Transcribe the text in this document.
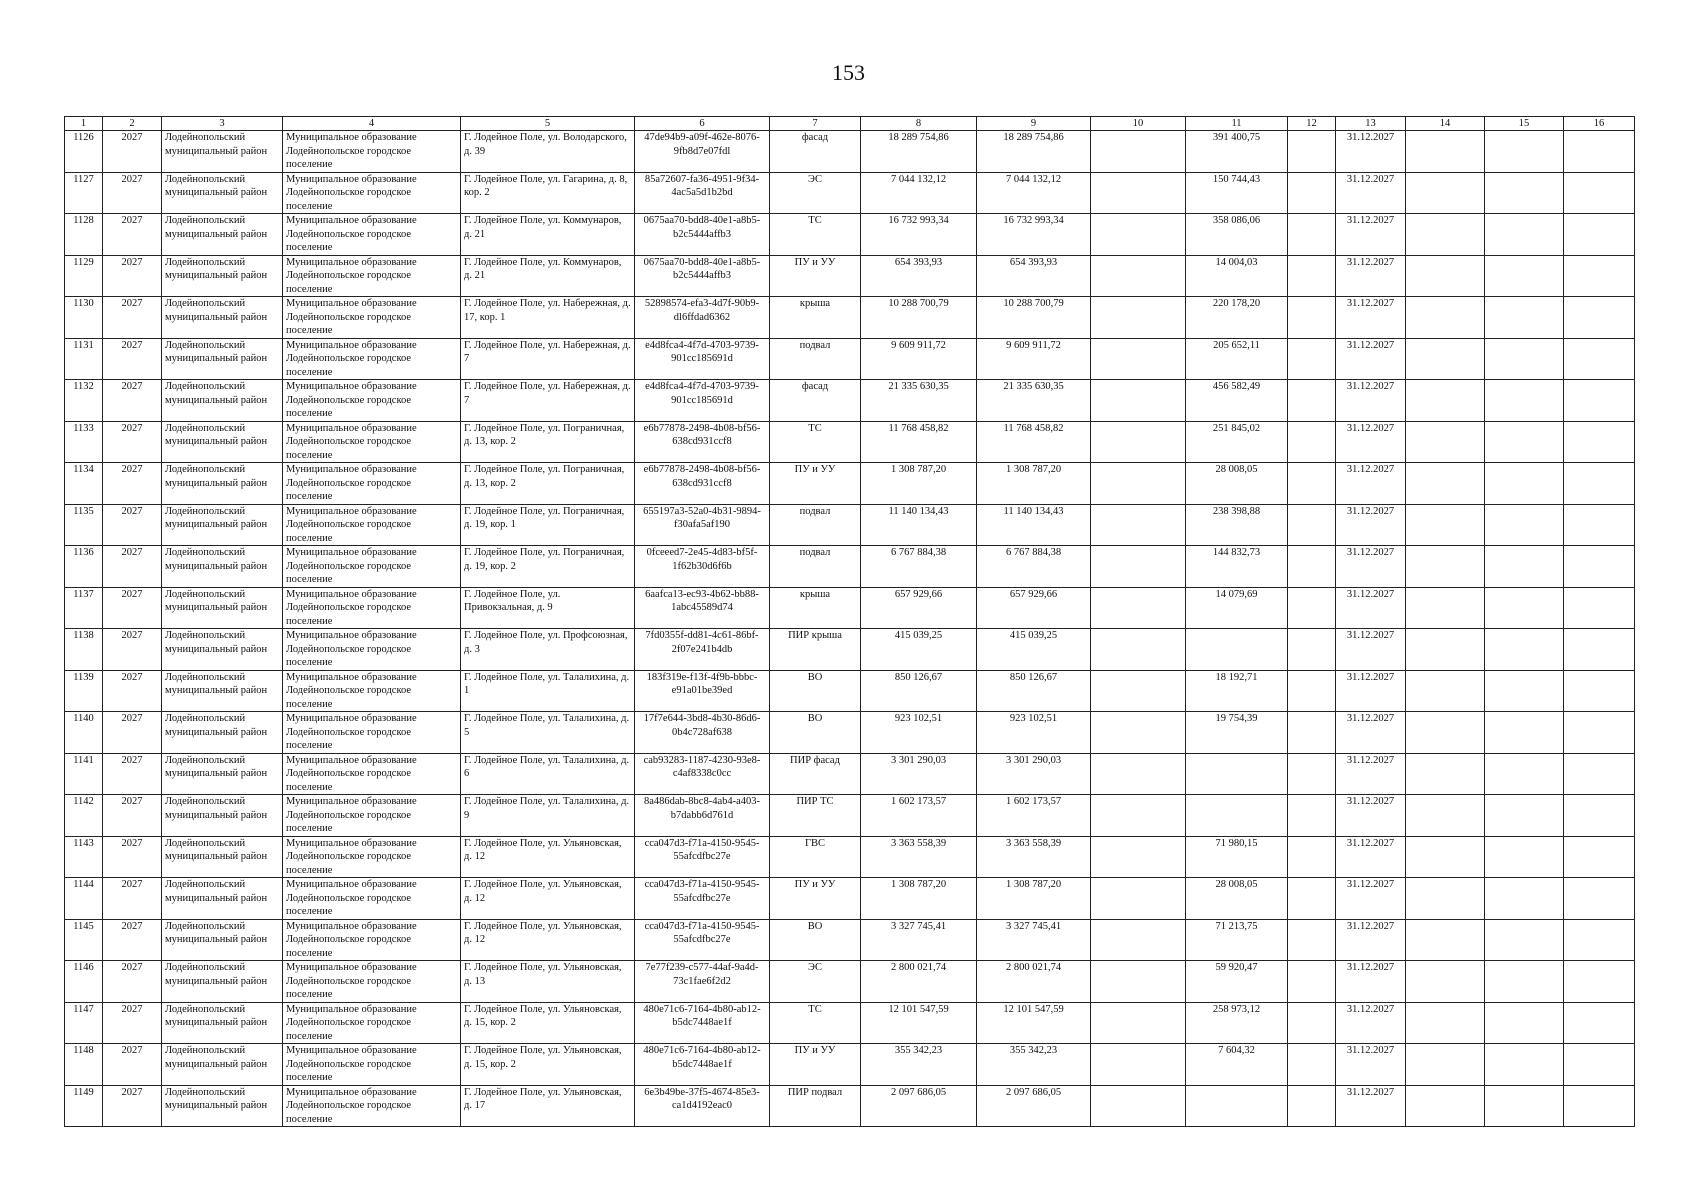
153
1	2	3	4	5	6	7	8	9	10	11	12	13	14	15	16
1126	2027	Лодейнопольский муниципальный район	Муниципальное образование Лодейнопольское городское поселение	Г. Лодейное Поле, ул. Володарского, д. 39	47de94b9-a09f-462e-8076-9fb8d7e07fdl	фасад	18 289 754,86	18 289 754,86		391 400,75		31.12.2027			
1127	2027	Лодейнопольский муниципальный район	Муниципальное образование Лодейнопольское городское поселение	Г. Лодейное Поле, ул. Гагарина, д. 8, кор. 2	85a72607-fa36-4951-9f34-4ac5a5d1b2bd	ЭС	7 044 132,12	7 044 132,12		150 744,43		31.12.2027			
1128	2027	Лодейнопольский муниципальный район	Муниципальное образование Лодейнопольское городское поселение	Г. Лодейное Поле, ул. Коммунаров, д. 21	0675aa70-bdd8-40e1-a8b5-b2c5444affb3	ТС	16 732 993,34	16 732 993,34		358 086,06		31.12.2027			
1129	2027	Лодейнопольский муниципальный район	Муниципальное образование Лодейнопольское городское поселение	Г. Лодейное Поле, ул. Коммунаров, д. 21	0675aa70-bdd8-40e1-a8b5-b2c5444affb3	ПУ и УУ	654 393,93	654 393,93		14 004,03		31.12.2027			
1130	2027	Лодейнопольский муниципальный район	Муниципальное образование Лодейнопольское городское поселение	Г. Лодейное Поле, ул. Набережная, д. 17, кор. 1	52898574-efa3-4d7f-90b9-dl6ffdad6362	крыша	10 288 700,79	10 288 700,79		220 178,20		31.12.2027			
1131	2027	Лодейнопольский муниципальный район	Муниципальное образование Лодейнопольское городское поселение	Г. Лодейное Поле, ул. Набережная, д. 7	e4d8fca4-4f7d-4703-9739-901cc185691d	подвал	9 609 911,72	9 609 911,72		205 652,11		31.12.2027			
1132	2027	Лодейнопольский муниципальный район	Муниципальное образование Лодейнопольское городское поселение	Г. Лодейное Поле, ул. Набережная, д. 7	e4d8fca4-4f7d-4703-9739-901cc185691d	фасад	21 335 630,35	21 335 630,35		456 582,49		31.12.2027			
1133	2027	Лодейнопольский муниципальный район	Муниципальное образование Лодейнопольское городское поселение	Г. Лодейное Поле, ул. Пограничная, д. 13, кор. 2	e6b77878-2498-4b08-bf56-638cd931ccf8	ТС	11 768 458,82	11 768 458,82		251 845,02		31.12.2027			
1134	2027	Лодейнопольский муниципальный район	Муниципальное образование Лодейнопольское городское поселение	Г. Лодейное Поле, ул. Пограничная, д. 13, кор. 2	e6b77878-2498-4b08-bf56-638cd931ccf8	ПУ и УУ	1 308 787,20	1 308 787,20		28 008,05		31.12.2027			
1135	2027	Лодейнопольский муниципальный район	Муниципальное образование Лодейнопольское городское поселение	Г. Лодейное Поле, ул. Пограничная, д. 19, кор. 1	655197a3-52a0-4b31-9894-f30afa5af190	подвал	11 140 134,43	11 140 134,43		238 398,88		31.12.2027			
1136	2027	Лодейнопольский муниципальный район	Муниципальное образование Лодейнопольское городское поселение	Г. Лодейное Поле, ул. Пограничная, д. 19, кор. 2	0fceeed7-2e45-4d83-bf5f-1f62b30d6f6b	подвал	6 767 884,38	6 767 884,38		144 832,73		31.12.2027			
1137	2027	Лодейнопольский муниципальный район	Муниципальное образование Лодейнопольское городское поселение	Г. Лодейное Поле, ул. Привокзальная, д. 9	6aafca13-ec93-4b62-bb88-1abc45589d74	крыша	657 929,66	657 929,66		14 079,69		31.12.2027			
1138	2027	Лодейнопольский муниципальный район	Муниципальное образование Лодейнопольское городское поселение	Г. Лодейное Поле, ул. Профсоюзная, д. 3	7fd0355f-dd81-4c61-86bf-2f07e241b4db	ПИР крыша	415 039,25	415 039,25				31.12.2027			
1139	2027	Лодейнопольский муниципальный район	Муниципальное образование Лодейнопольское городское поселение	Г. Лодейное Поле, ул. Талалихина, д. 1	183f319e-f13f-4f9b-bbbc-e91a01be39ed	ВО	850 126,67	850 126,67		18 192,71		31.12.2027			
1140	2027	Лодейнопольский муниципальный район	Муниципальное образование Лодейнопольское городское поселение	Г. Лодейное Поле, ул. Талалихина, д. 5	17f7e644-3bd8-4b30-86d6-0b4c728af638	ВО	923 102,51	923 102,51		19 754,39		31.12.2027			
1141	2027	Лодейнопольский муниципальный район	Муниципальное образование Лодейнопольское городское поселение	Г. Лодейное Поле, ул. Талалихина, д. 6	cab93283-1187-4230-93e8-c4af8338c0cc	ПИР фасад	3 301 290,03	3 301 290,03				31.12.2027			
1142	2027	Лодейнопольский муниципальный район	Муниципальное образование Лодейнопольское городское поселение	Г. Лодейное Поле, ул. Талалихина, д. 9	8a486dab-8bc8-4ab4-a403-b7dabb6d761d	ПИР ТС	1 602 173,57	1 602 173,57				31.12.2027			
1143	2027	Лодейнопольский муниципальный район	Муниципальное образование Лодейнопольское городское поселение	Г. Лодейное Поле, ул. Ульяновская, д. 12	cca047d3-f71a-4150-9545-55afcdfbc27e	ГВС	3 363 558,39	3 363 558,39		71 980,15		31.12.2027			
1144	2027	Лодейнопольский муниципальный район	Муниципальное образование Лодейнопольское городское поселение	Г. Лодейное Поле, ул. Ульяновская, д. 12	cca047d3-f71a-4150-9545-55afcdfbc27e	ПУ и УУ	1 308 787,20	1 308 787,20		28 008,05		31.12.2027			
1145	2027	Лодейнопольский муниципальный район	Муниципальное образование Лодейнопольское городское поселение	Г. Лодейное Поле, ул. Ульяновская, д. 12	cca047d3-f71a-4150-9545-55afcdfbc27e	ВО	3 327 745,41	3 327 745,41		71 213,75		31.12.2027			
1146	2027	Лодейнопольский муниципальный район	Муниципальное образование Лодейнопольское городское поселение	Г. Лодейное Поле, ул. Ульяновская, д. 13	7e77f239-c577-44af-9a4d-73c1fae6f2d2	ЭС	2 800 021,74	2 800 021,74		59 920,47		31.12.2027			
1147	2027	Лодейнопольский муниципальный район	Муниципальное образование Лодейнопольское городское поселение	Г. Лодейное Поле, ул. Ульяновская, д. 15, кор. 2	480e71c6-7164-4b80-ab12-b5dc7448ae1f	ТС	12 101 547,59	12 101 547,59		258 973,12		31.12.2027			
1148	2027	Лодейнопольский муниципальный район	Муниципальное образование Лодейнопольское городское поселение	Г. Лодейное Поле, ул. Ульяновская, д. 15, кор. 2	480e71c6-7164-4b80-ab12-b5dc7448ae1f	ПУ и УУ	355 342,23	355 342,23		7 604,32		31.12.2027			
1149	2027	Лодейнопольский муниципальный район	Муниципальное образование Лодейнопольское городское поселение	Г. Лодейное Поле, ул. Ульяновская, д. 17	6e3b49be-37f5-4674-85e3-ca1d4192eac0	ПИР подвал	2 097 686,05	2 097 686,05				31.12.2027			
